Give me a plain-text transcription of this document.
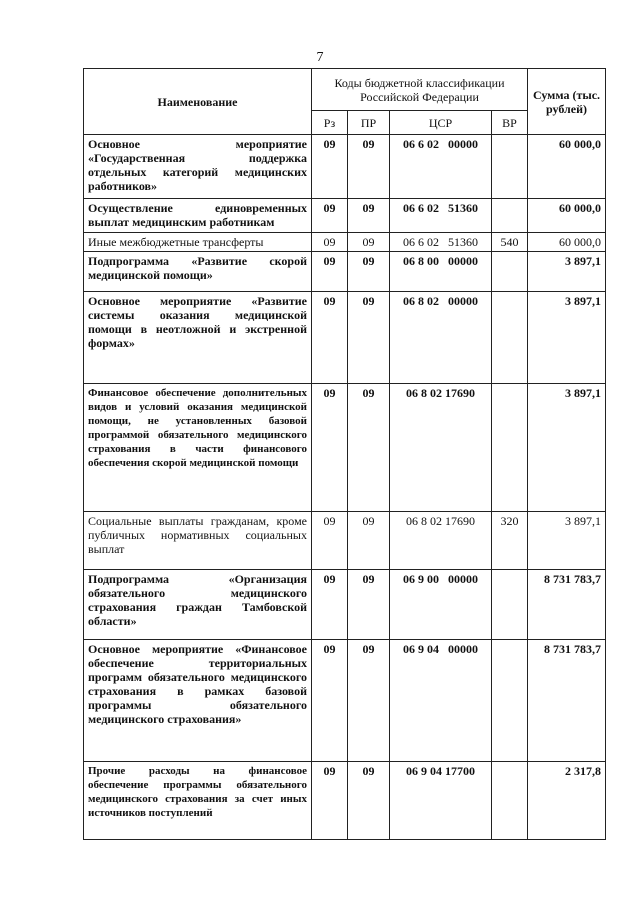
7
Наименование	Коды бюджетной классификации Российской Федерации				Сумма (тыс. рублей)
	Рз	ПР	ЦСР	ВР	
Основное мероприятие «Государственная поддержка отдельных категорий медицинских работников»	09	09	06 6 02   00000		60 000,0
Осуществление единовременных выплат медицинским работникам	09	09	06 6 02   51360		60 000,0
Иные межбюджетные трансферты	09	09	06 6 02   51360	540	60 000,0
Подпрограмма «Развитие скорой медицинской помощи»	09	09	06 8 00   00000		3 897,1
Основное мероприятие «Развитие системы оказания медицинской помощи в неотложной и экстренной формах»	09	09	06 8 02   00000		3 897,1
Финансовое обеспечение дополнительных видов и условий оказания медицинской помощи, не установленных базовой программой обязательного медицинского страхования в части финансового обеспечения скорой медицинской помощи	09	09	06 8 02 17690		3 897,1
Социальные выплаты гражданам, кроме публичных нормативных социальных выплат	09	09	06 8 02 17690	320	3 897,1
Подпрограмма «Организация обязательного медицинского страхования граждан Тамбовской области»	09	09	06 9 00   00000		8 731 783,7
Основное мероприятие «Финансовое обеспечение территориальных программ обязательного медицинского страхования в рамках базовой программы обязательного медицинского страхования»	09	09	06 9 04   00000		8 731 783,7
Прочие расходы на финансовое обеспечение программы обязательного медицинского страхования за счет иных источников поступлений	09	09	06 9 04 17700		2 317,8
